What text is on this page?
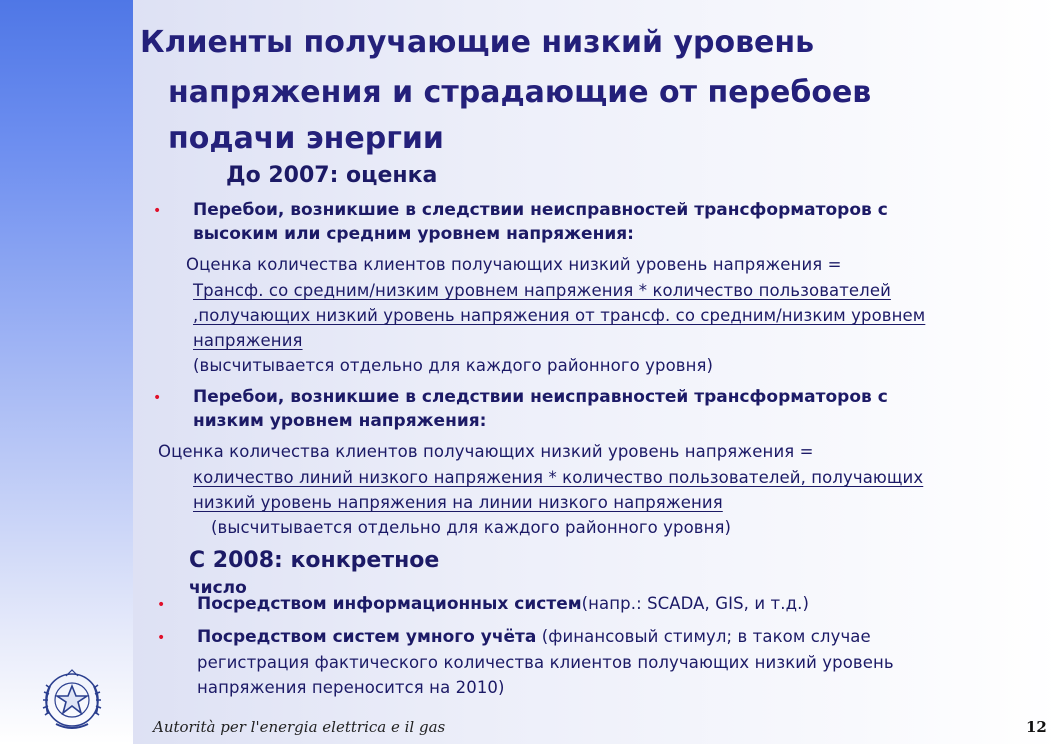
Клиенты получающие низкий уровень
напряжения и страдающие от перебоев
подачи энергии
До 2007: оценка
• Перебои, возникшие в следствии неисправностей трансформаторов с
высоким или средним уровнем напряжения:
Оценка количества клиентов получающих низкий уровень напряжения =
Трансф. со средним/низким уровнем напряжения * количество пользователей
,получающих низкий уровень напряжения от трансф. со средним/низким уровнем
напряжения
(высчитывается отдельно для каждого районного уровня)
• Перебои, возникшие в следствии неисправностей трансформаторов с
низким уровнем напряжения:
Оценка количества клиентов получающих низкий уровень напряжения =
количество линий низкого напряжения * количество пользователей, получающих
низкий уровень напряжения на линии низкого напряжения
(высчитывается отдельно для каждого районного уровня)
С 2008: конкретное
число
• Посредством информационных систем(напр.: SCADA, GIS, и т.д.)
• Посредством систем умного учёта (финансовый стимул; в таком случае
регистрация фактического количества клиентов получающих низкий уровень
напряжения переносится на 2010)
Autorità per l'energia elettrica e il gas	12
